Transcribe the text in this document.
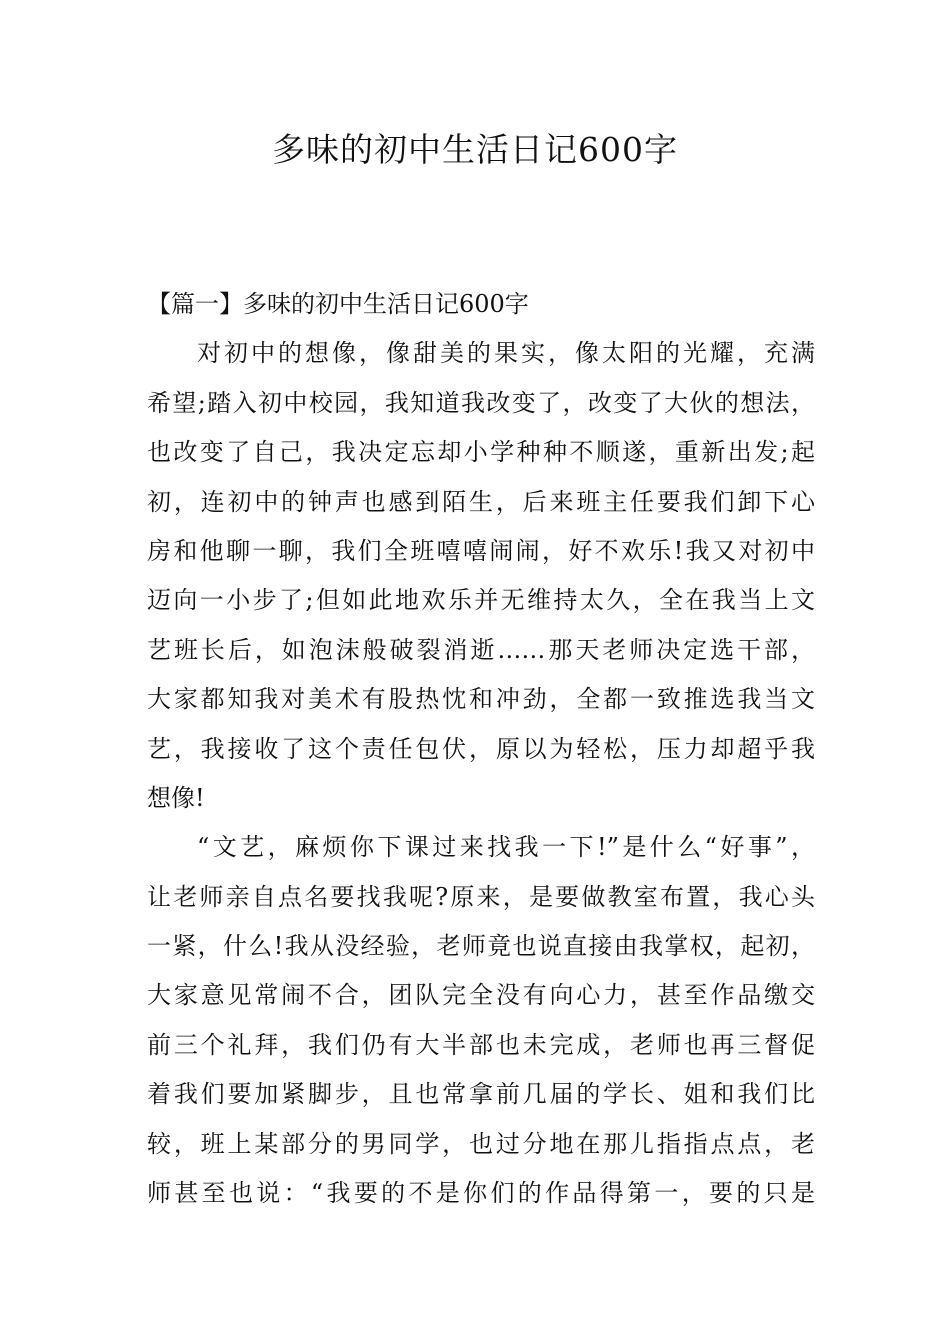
多味的初中生活日记600字
【篇一】多味的初中生活日记600字
对初中的想像，像甜美的果实，像太阳的光耀，充满
希望;踏入初中校园，我知道我改变了，改变了大伙的想法，
也改变了自己，我决定忘却小学种种不顺遂，重新出发;起
初，连初中的钟声也感到陌生，后来班主任要我们卸下心
房和他聊一聊，我们全班嘻嘻闹闹，好不欢乐!我又对初中
迈向一小步了;但如此地欢乐并无维持太久，全在我当上文
艺班长后，如泡沫般破裂消逝……那天老师决定选干部，
大家都知我对美术有股热忱和冲劲，全都一致推选我当文
艺，我接收了这个责任包伏，原以为轻松，压力却超乎我
想像!
“文艺，麻烦你下课过来找我一下!”是什么“好事”，
让老师亲自点名要找我呢?原来，是要做教室布置，我心头
一紧，什么!我从没经验，老师竟也说直接由我掌权，起初，
大家意见常闹不合，团队完全没有向心力，甚至作品缴交
前三个礼拜，我们仍有大半部也未完成，老师也再三督促
着我们要加紧脚步，且也常拿前几届的学长、姐和我们比
较，班上某部分的男同学，也过分地在那儿指指点点，老
师甚至也说：“我要的不是你们的作品得第一，要的只是
